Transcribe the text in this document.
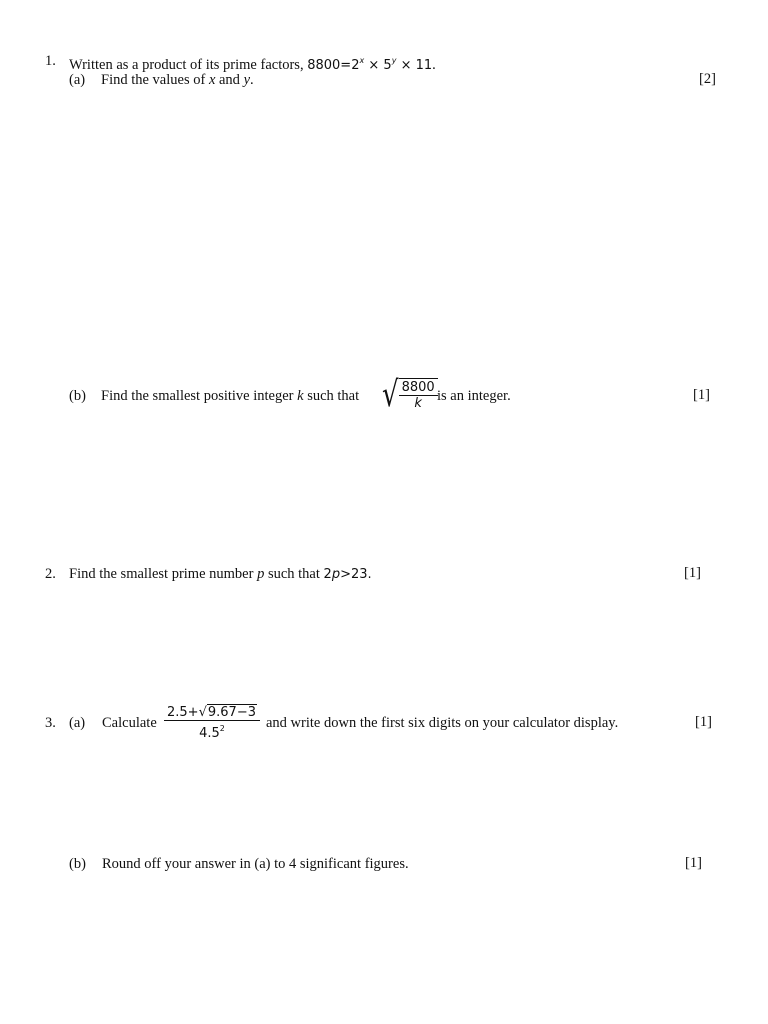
1. Written as a product of its prime factors, $8800=2^x \times 5^y \times 11$.
(a) Find the values of x and y.	[2]
(b) Find the smallest positive integer k such that √ $\frac{8800}{k}$ is an integer.	[1]
2. Find the smallest prime number p such that 2p>23.	[1]
3. (a) Calculate $\frac{2.5+√9.67-3}{4.5^2}$ and write down the first six digits on your calculator display.	[1]
(b) Round off your answer in (a) to 4 significant figures.	[1]
